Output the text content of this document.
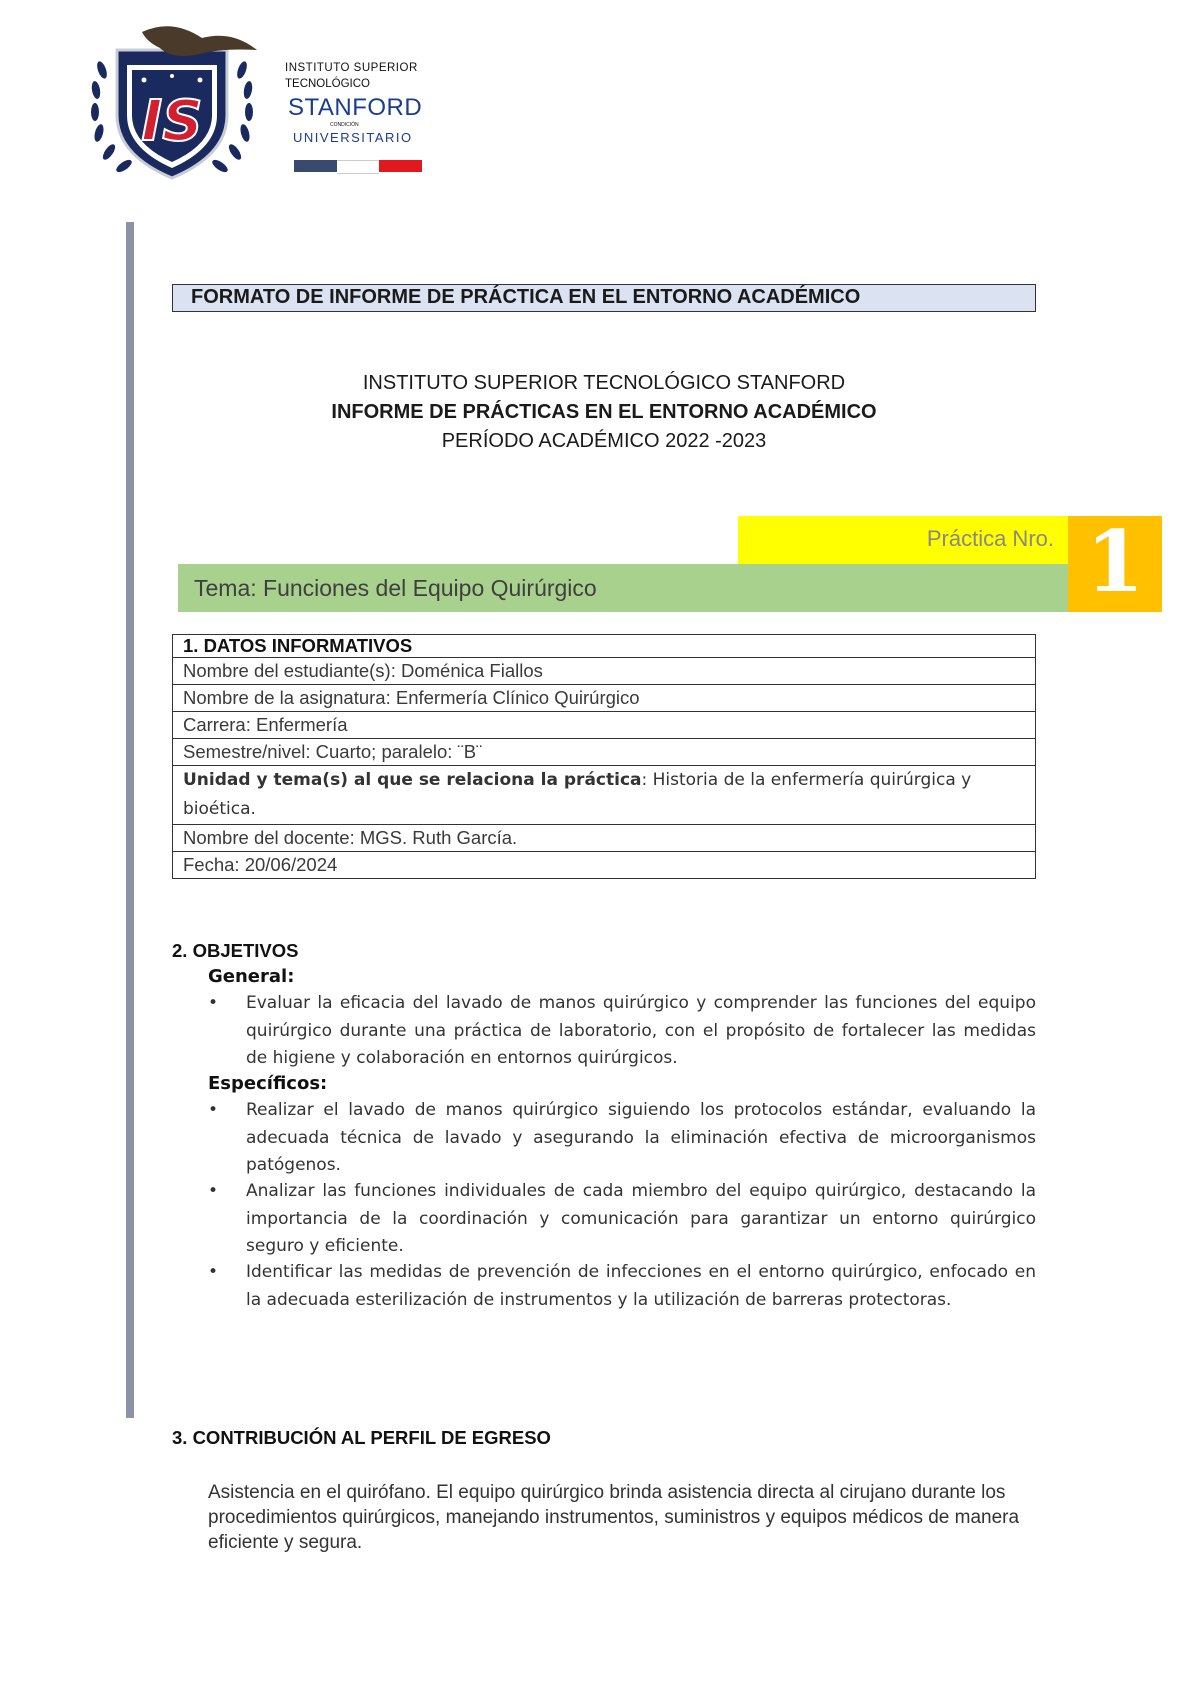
IS
INSTITUTO SUPERIOR
TECNOLÓGICO
STANFORD
CONDICIÓN
UNIVERSITARIO
FORMATO DE INFORME DE PRÁCTICA EN EL ENTORNO ACADÉMICO
INSTITUTO SUPERIOR TECNOLÓGICO STANFORD
INFORME DE PRÁCTICAS EN EL ENTORNO ACADÉMICO
PERÍODO ACADÉMICO 2022 -2023
Práctica Nro. 1
Tema: Funciones del Equipo Quirúrgico
1. DATOS INFORMATIVOS
Nombre del estudiante(s): Doménica Fiallos
Nombre de la asignatura: Enfermería Clínico Quirúrgico
Carrera: Enfermería
Semestre/nivel: Cuarto; paralelo: ¨B¨
Unidad y tema(s) al que se relaciona la práctica: Historia de la enfermería quirúrgica y bioética.
Nombre del docente: MGS. Ruth García.
Fecha: 20/06/2024
2. OBJETIVOS
General:
• Evaluar la eficacia del lavado de manos quirúrgico y comprender las funciones del equipo quirúrgico durante una práctica de laboratorio, con el propósito de fortalecer las medidas de higiene y colaboración en entornos quirúrgicos.
Específicos:
• Realizar el lavado de manos quirúrgico siguiendo los protocolos estándar, evaluando la adecuada técnica de lavado y asegurando la eliminación efectiva de microorganismos patógenos.
• Analizar las funciones individuales de cada miembro del equipo quirúrgico, destacando la importancia de la coordinación y comunicación para garantizar un entorno quirúrgico seguro y eficiente.
• Identificar las medidas de prevención de infecciones en el entorno quirúrgico, enfocado en la adecuada esterilización de instrumentos y la utilización de barreras protectoras.
3. CONTRIBUCIÓN AL PERFIL DE EGRESO
Asistencia en el quirófano. El equipo quirúrgico brinda asistencia directa al cirujano durante los procedimientos quirúrgicos, manejando instrumentos, suministros y equipos médicos de manera eficiente y segura.
